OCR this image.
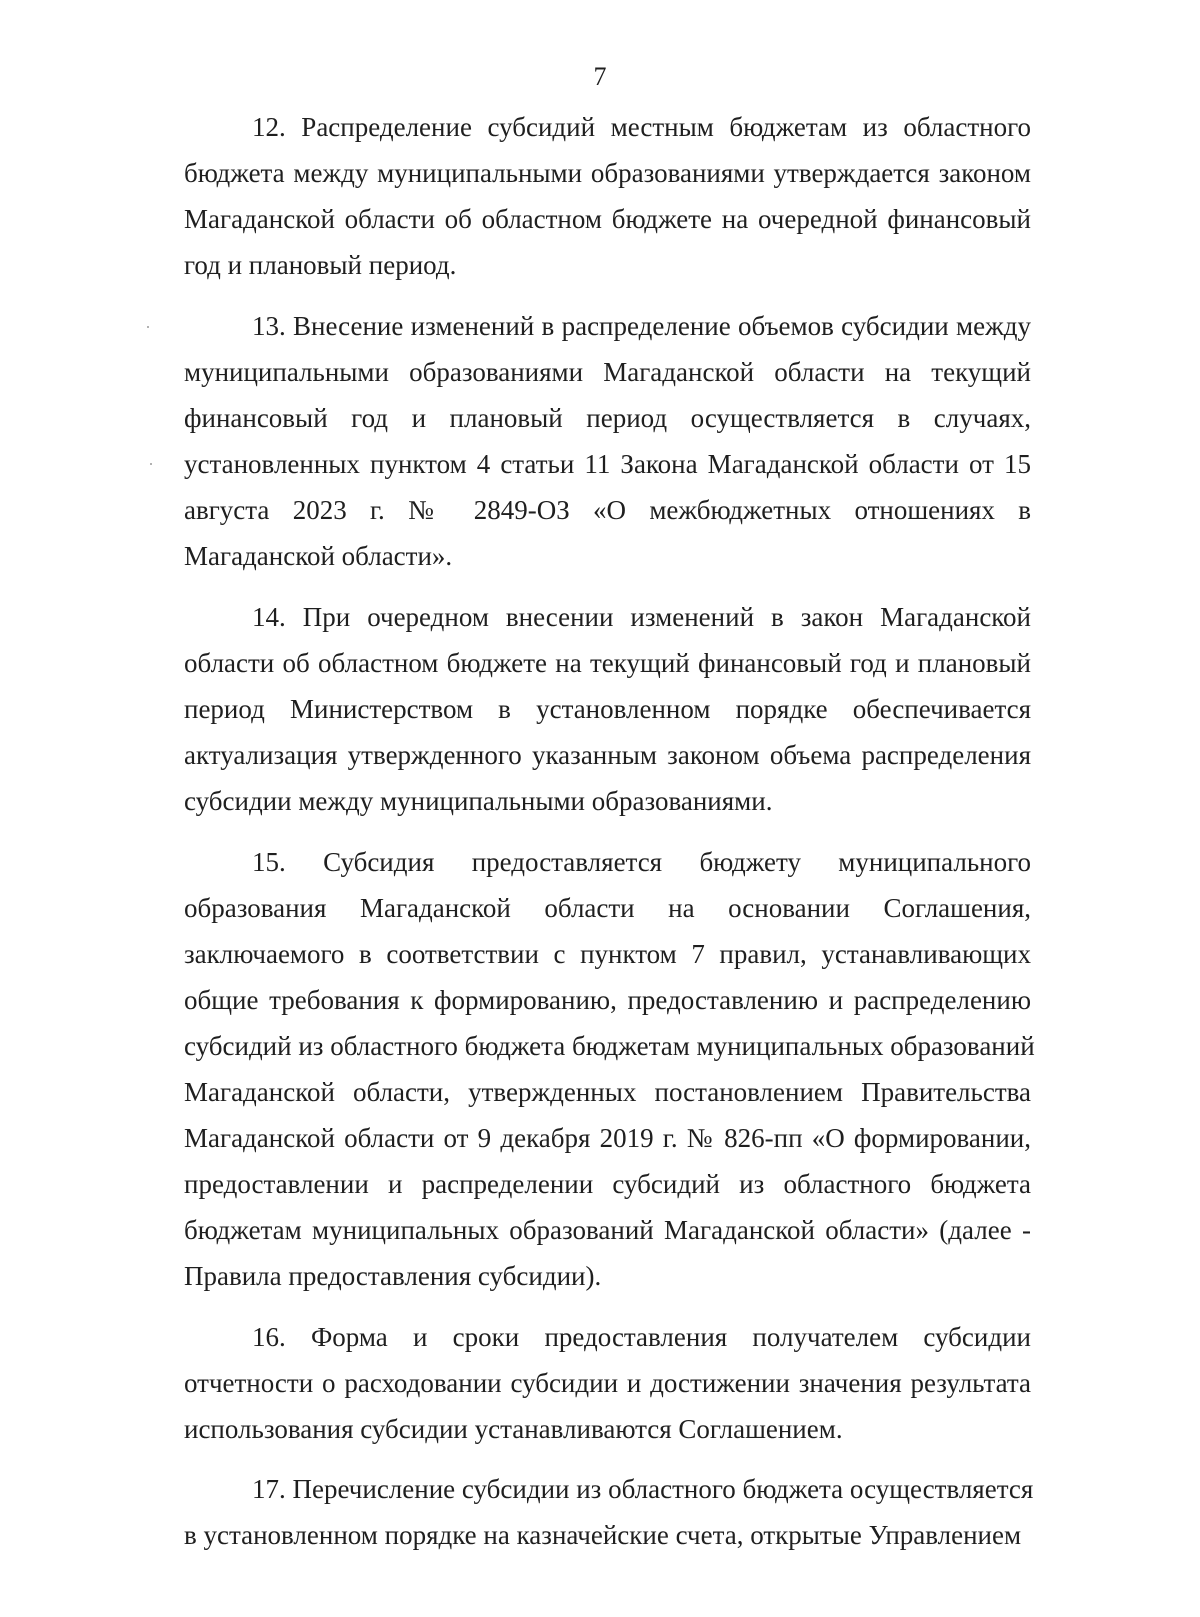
7
12. Распределение субсидий местным бюджетам из областного
бюджета между муниципальными образованиями утверждается законом
Магаданской области об областном бюджете на очередной финансовый
год и плановый период.
13. Внесение изменений в распределение объемов субсидии между
муниципальными образованиями Магаданской области на текущий
финансовый год и плановый период осуществляется в случаях,
установленных пунктом 4 статьи 11 Закона Магаданской области от 15
августа 2023 г. № 2849-ОЗ «О межбюджетных отношениях в
Магаданской области».
14. При очередном внесении изменений в закон Магаданской
области об областном бюджете на текущий финансовый год и плановый
период Министерством в установленном порядке обеспечивается
актуализация утвержденного указанным законом объема распределения
субсидии между муниципальными образованиями.
15. Субсидия предоставляется бюджету муниципального
образования Магаданской области на основании Соглашения,
заключаемого в соответствии с пунктом 7 правил, устанавливающих
общие требования к формированию, предоставлению и распределению
субсидий из областного бюджета бюджетам муниципальных образований
Магаданской области, утвержденных постановлением Правительства
Магаданской области от 9 декабря 2019 г. № 826-пп «О формировании,
предоставлении и распределении субсидий из областного бюджета
бюджетам муниципальных образований Магаданской области» (далее -
Правила предоставления субсидии).
16. Форма и сроки предоставления получателем субсидии
отчетности о расходовании субсидии и достижении значения результата
использования субсидии устанавливаются Соглашением.
17. Перечисление субсидии из областного бюджета осуществляется
в установленном порядке на казначейские счета, открытые Управлением
